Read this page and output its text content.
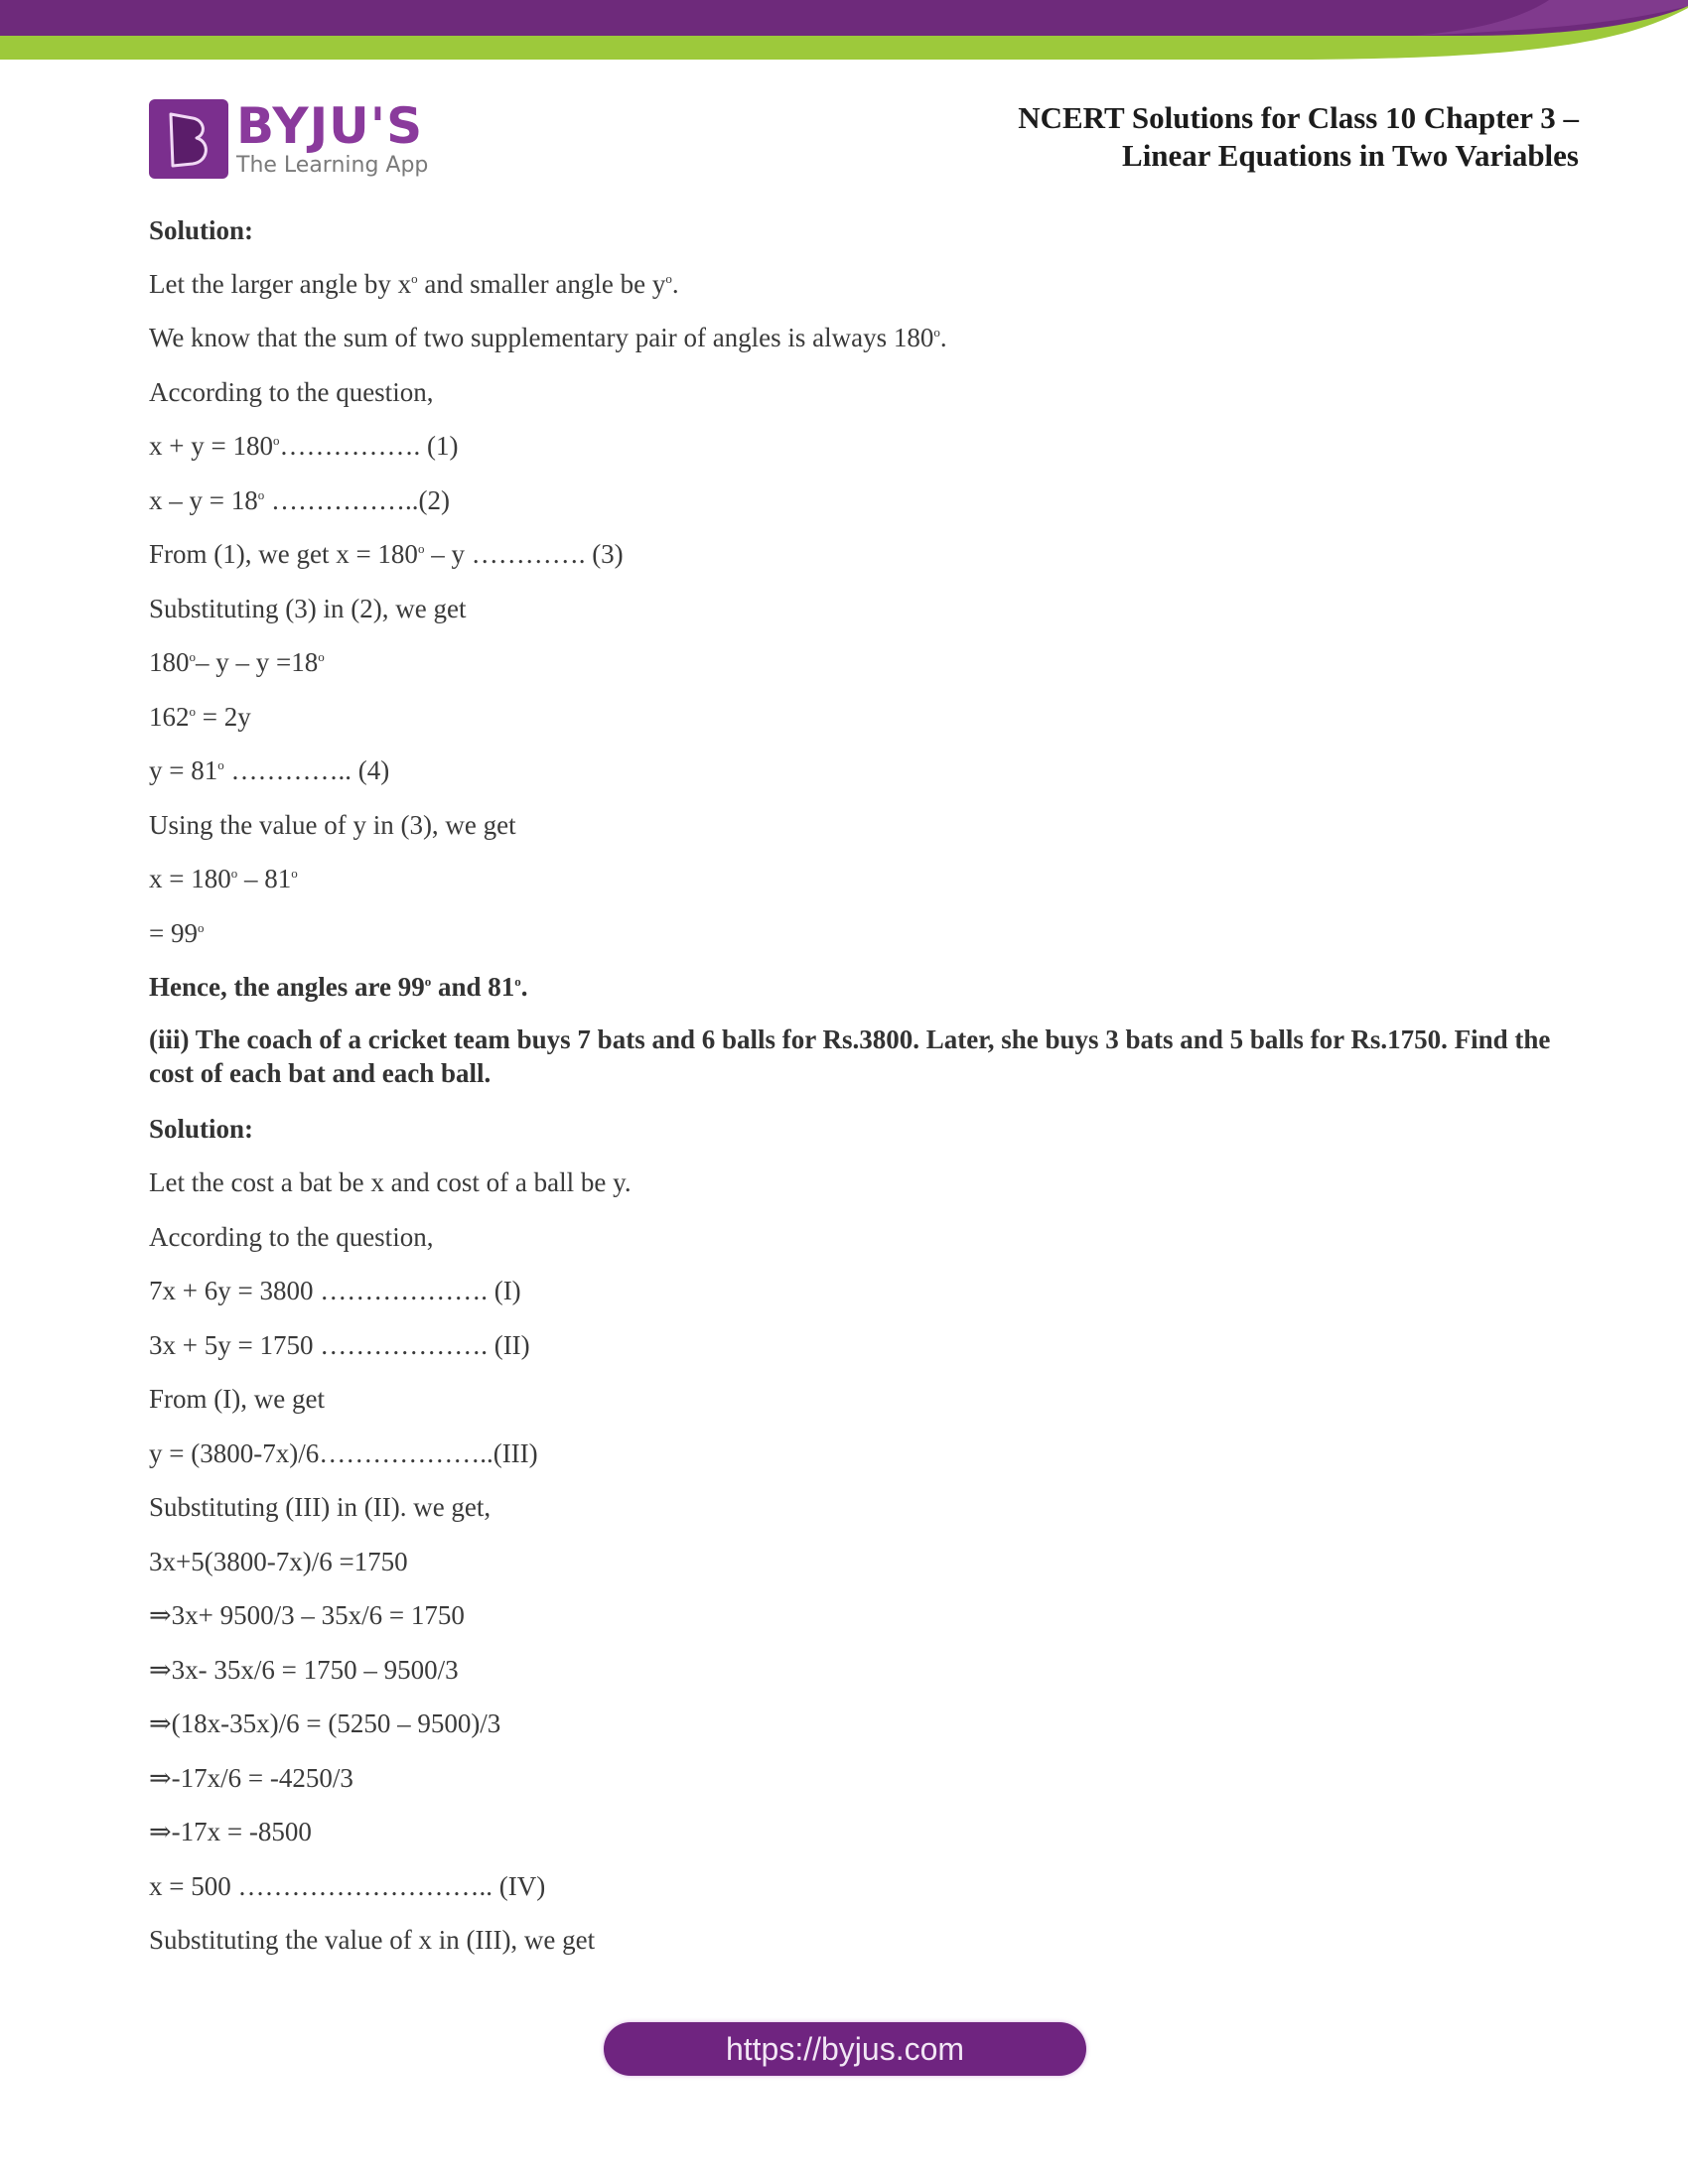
BYJU'S
The Learning App
NCERT Solutions for Class 10 Chapter 3 –
Linear Equations in Two Variables
Solution:
Let the larger angle by $x^o$ and smaller angle be $y^o$.
We know that the sum of two supplementary pair of angles is always 180$^o$.
According to the question,
$x + y = 180^o\dots\dots\dots\dots\dots$. (1)
$x - y = 18^o$ ……………..(2)
From (1), we get $x = 180^o - y$ …………. (3)
Substituting (3) in (2), we get
180$^o$– $y - y =18^o$
$162^o = 2y$
$y = 81^o$ ………….. (4)
Using the value of y in (3), we get
$x = 180^o - 81^o$
= $99^o$
Hence, the angles are 99$^o$ and 81$^o$.
(iii) The coach of a cricket team buys 7 bats and 6 balls for Rs.3800. Later, she buys 3 bats and 5 balls for Rs.1750. Find the cost of each bat and each ball.
Solution:
Let the cost a bat be x and cost of a ball be y.
According to the question,
7x + 6y = 3800 ………………. (I)
3x + 5y = 1750 ………………. (II)
From (I), we get
y = (3800-7x)/6………………..(III)
Substituting (III) in (II). we get,
3x+5(3800-7x)/6 =1750
⇒3x+ 9500/3 – 35x/6 = 1750
⇒3x- 35x/6 = 1750 – 9500/3
⇒(18x-35x)/6 = (5250 – 9500)/3
⇒-17x/6 = -4250/3
⇒-17x = -8500
x = 500 ……………………….. (IV)
Substituting the value of x in (III), we get
https://byjus.com
